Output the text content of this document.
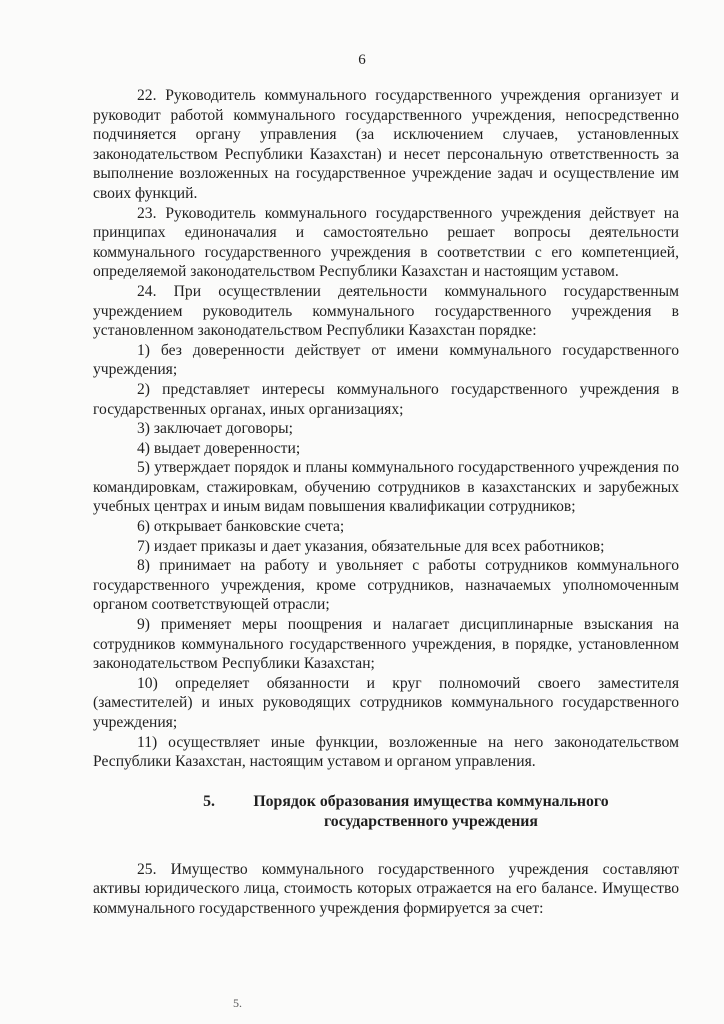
6

22. Руководитель коммунального государственного учреждения организует и руководит работой коммунального государственного учреждения, непосредственно подчиняется органу управления (за исключением случаев, установленных законодательством Республики Казахстан) и несет персональную ответственность за выполнение возложенных на государственное учреждение задач и осуществление им своих функций.

23. Руководитель коммунального государственного учреждения действует на принципах единоначалия и самостоятельно решает вопросы деятельности коммунального государственного учреждения в соответствии с его компетенцией, определяемой законодательством Республики Казахстан и настоящим уставом.

24. При осуществлении деятельности коммунального государственным учреждением руководитель коммунального государственного учреждения в установленном законодательством Республики Казахстан порядке:

1) без доверенности действует от имени коммунального государственного учреждения;

2) представляет интересы коммунального государственного учреждения в государственных органах, иных организациях;

3) заключает договоры;

4) выдает доверенности;

5) утверждает порядок и планы коммунального государственного учреждения по командировкам, стажировкам, обучению сотрудников в казахстанских и зарубежных учебных центрах и иным видам повышения квалификации сотрудников;

6) открывает банковские счета;

7) издает приказы и дает указания, обязательные для всех работников;

8) принимает на работу и увольняет с работы сотрудников коммунального государственного учреждения, кроме сотрудников, назначаемых уполномоченным органом соответствующей отрасли;

9) применяет меры поощрения и налагает дисциплинарные взыскания на сотрудников коммунального государственного учреждения, в порядке, установленном законодательством Республики Казахстан;

10) определяет обязанности и круг полномочий своего заместителя (заместителей) и иных руководящих сотрудников коммунального государственного учреждения;

11) осуществляет иные функции, возложенные на него законодательством Республики Казахстан, настоящим уставом и органом управления.

5.	Порядок образования имущества коммунального государственного учреждения

25. Имущество коммунального государственного учреждения составляют активы юридического лица, стоимость которых отражается на его балансе. Имущество коммунального государственного учреждения формируется за счет:

5.
